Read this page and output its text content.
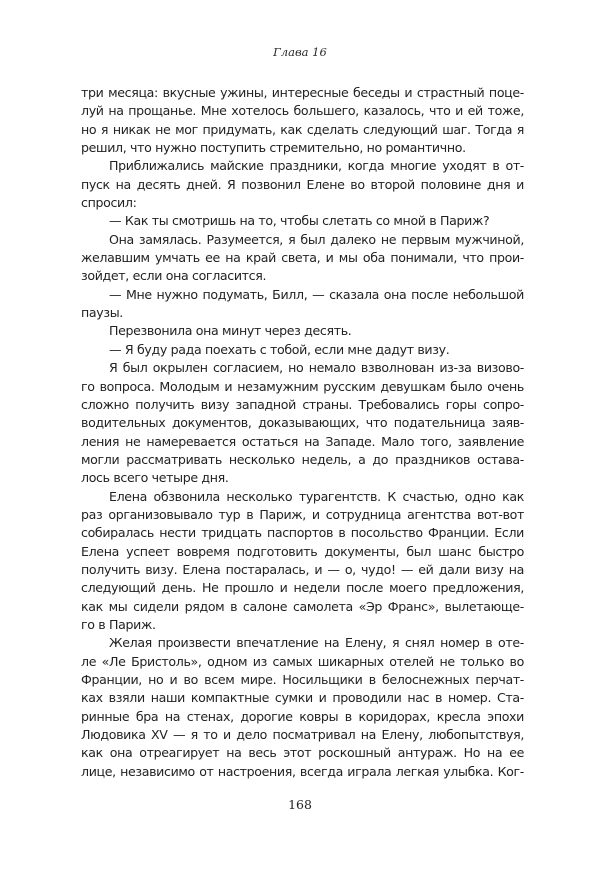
Глава 16
три месяца: вкусные ужины, интересные беседы и страстный поце-
луй на прощанье. Мне хотелось большего, казалось, что и ей тоже,
но я никак не мог придумать, как сделать следующий шаг. Тогда я
решил, что нужно поступить стремительно, но романтично.
Приближались майские праздники, когда многие уходят в от-
пуск на десять дней. Я позвонил Елене во второй половине дня и
спросил:
— Как ты смотришь на то, чтобы слетать со мной в Париж?
Она замялась. Разумеется, я был далеко не первым мужчиной,
желавшим умчать ее на край света, и мы оба понимали, что прои-
зойдет, если она согласится.
— Мне нужно подумать, Билл, — сказала она после небольшой
паузы.
Перезвонила она минут через десять.
— Я буду рада поехать с тобой, если мне дадут визу.
Я был окрылен согласием, но немало взволнован из-за визово-
го вопроса. Молодым и незамужним русским девушкам было очень
сложно получить визу западной страны. Требовались горы сопро-
водительных документов, доказывающих, что подательница заяв-
ления не намеревается остаться на Западе. Мало того, заявление
могли рассматривать несколько недель, а до праздников остава-
лось всего четыре дня.
Елена обзвонила несколько турагентств. К счастью, одно как
раз организовывало тур в Париж, и сотрудница агентства вот-вот
собиралась нести тридцать паспортов в посольство Франции. Если
Елена успеет вовремя подготовить документы, был шанс быстро
получить визу. Елена постаралась, и — о, чудо! — ей дали визу на
следующий день. Не прошло и недели после моего предложения,
как мы сидели рядом в салоне самолета «Эр Франс», вылетающе-
го в Париж.
Желая произвести впечатление на Елену, я снял номер в оте-
ле «Ле Бристоль», одном из самых шикарных отелей не только во
Франции, но и во всем мире. Носильщики в белоснежных перчат-
ках взяли наши компактные сумки и проводили нас в номер. Ста-
ринные бра на стенах, дорогие ковры в коридорах, кресла эпохи
Людовика XV — я то и дело посматривал на Елену, любопытствуя,
как она отреагирует на весь этот роскошный антураж. Но на ее
лице, независимо от настроения, всегда играла легкая улыбка. Ког-
168
